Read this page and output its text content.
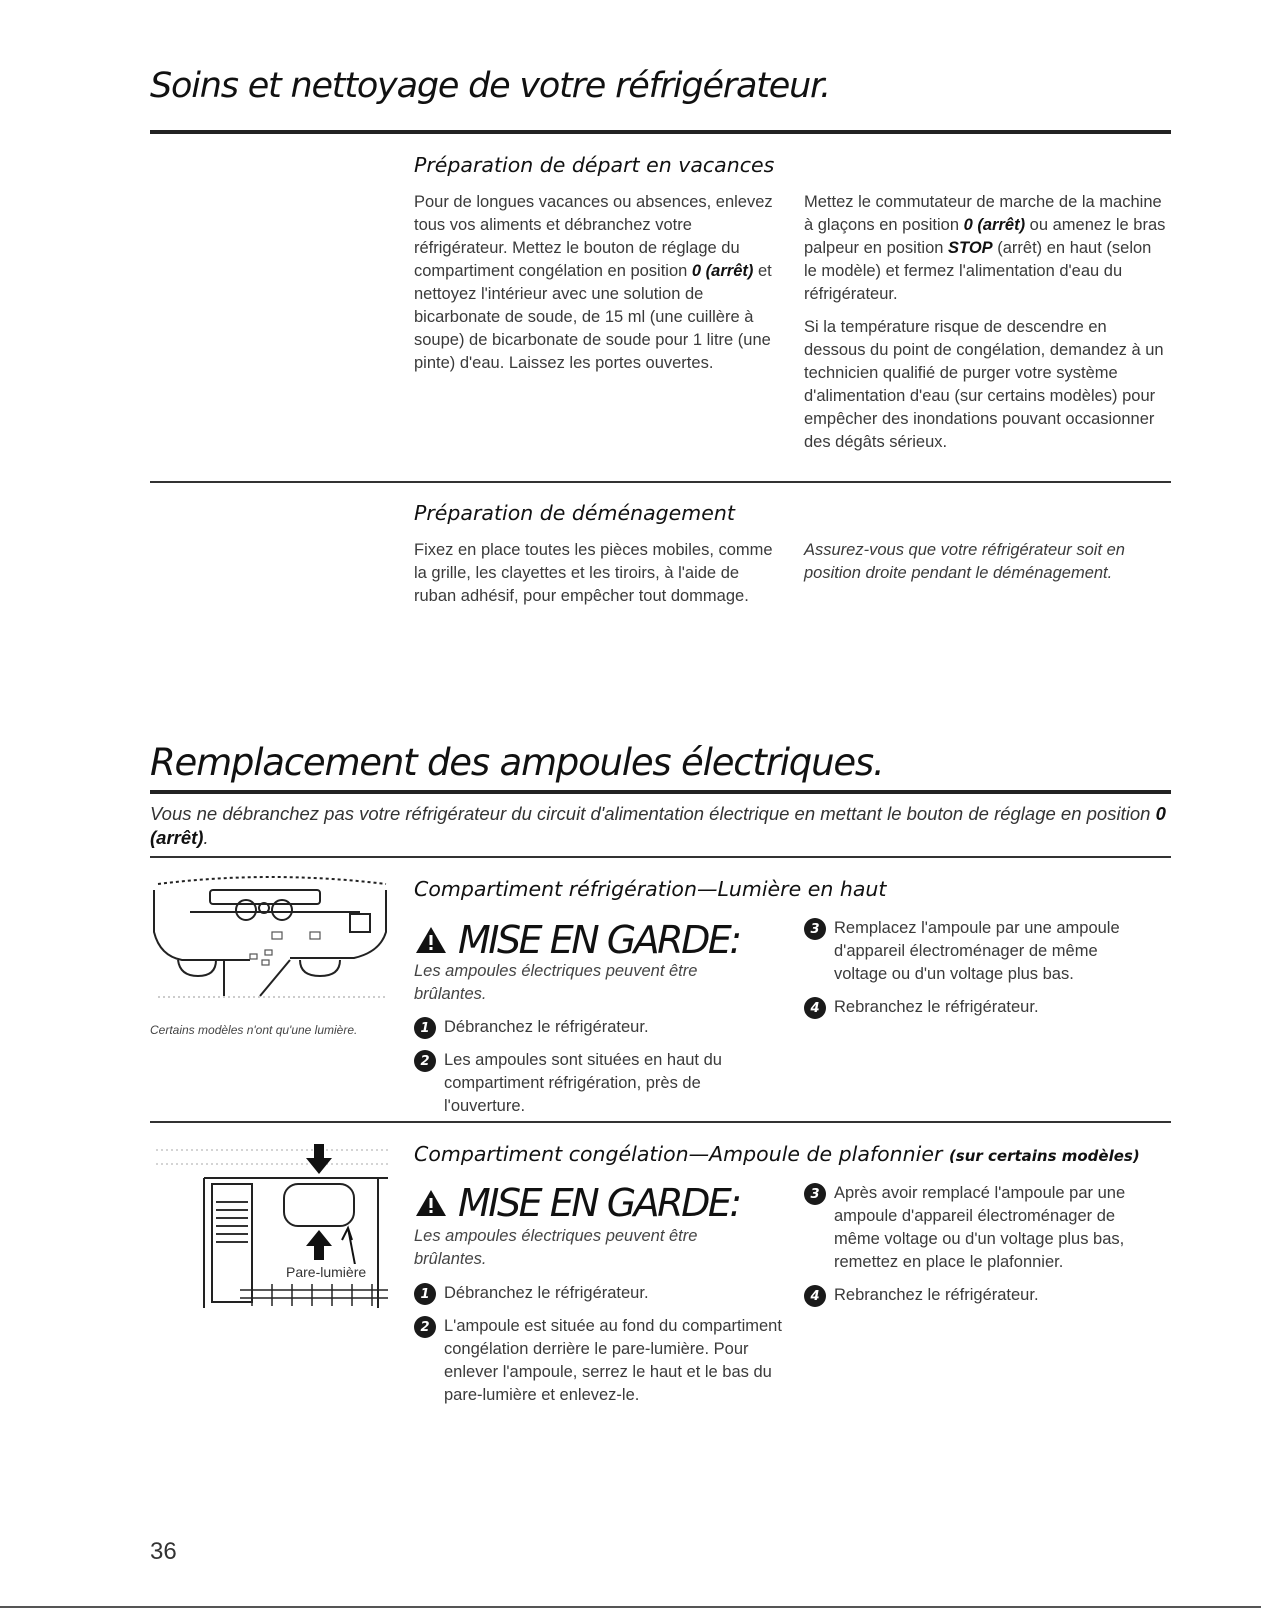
Soins et nettoyage de votre réfrigérateur.
Préparation de départ en vacances

Pour de longues vacances ou absences, enlevez tous vos aliments et débranchez votre réfrigérateur. Mettez le bouton de réglage du compartiment congélation en position 0 (arrêt) et nettoyez l'intérieur avec une solution de bicarbonate de soude, de 15 ml (une cuillère à soupe) de bicarbonate de soude pour 1 litre (une pinte) d'eau. Laissez les portes ouvertes.

Mettez le commutateur de marche de la machine à glaçons en position 0 (arrêt) ou amenez le bras palpeur en position STOP (arrêt) en haut (selon le modèle) et fermez l'alimentation d'eau du réfrigérateur.

Si la température risque de descendre en dessous du point de congélation, demandez à un technicien qualifié de purger votre système d'alimentation d'eau (sur certains modèles) pour empêcher des inondations pouvant occasionner des dégâts sérieux.

Préparation de déménagement

Fixez en place toutes les pièces mobiles, comme la grille, les clayettes et les tiroirs, à l'aide de ruban adhésif, pour empêcher tout dommage.

Assurez-vous que votre réfrigérateur soit en position droite pendant le déménagement.

Remplacement des ampoules électriques.

Vous ne débranchez pas votre réfrigérateur du circuit d'alimentation électrique en mettant le bouton de réglage en position 0 (arrêt).

Certains modèles n'ont qu'une lumière.
Compartiment réfrigération—Lumière en haut
MISE EN GARDE:

Les ampoules électriques peuvent être brûlantes.

1 Débranchez le réfrigérateur.

2 Les ampoules sont situées en haut du compartiment réfrigération, près de l'ouverture.

3 Remplacez l'ampoule par une ampoule d'appareil électroménager de même voltage ou d'un voltage plus bas.

4 Rebranchez le réfrigérateur.

Pare-lumière
Compartiment congélation—Ampoule de plafonnier (sur certains modèles)
MISE EN GARDE:

Les ampoules électriques peuvent être brûlantes.

1 Débranchez le réfrigérateur.

2 L'ampoule est située au fond du compartiment congélation derrière le pare-lumière. Pour enlever l'ampoule, serrez le haut et le bas du pare-lumière et enlevez-le.

3 Après avoir remplacé l'ampoule par une ampoule d'appareil électroménager de même voltage ou d'un voltage plus bas, remettez en place le plafonnier.

4 Rebranchez le réfrigérateur.

36
